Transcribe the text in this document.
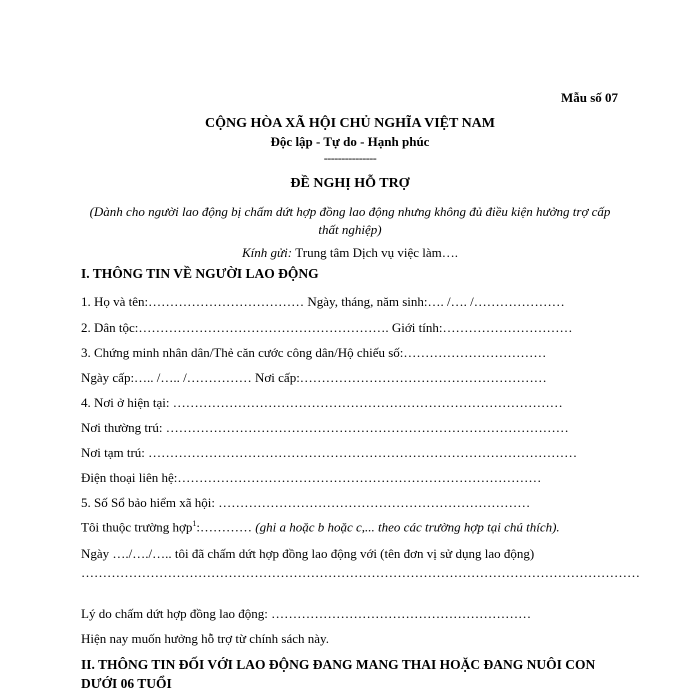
Mẫu số 07
CỘNG HÒA XÃ HỘI CHỦ NGHĨA VIỆT NAM
Độc lập - Tự do - Hạnh phúc
---------------
ĐỀ NGHỊ HỖ TRỢ
(Dành cho người lao động bị chấm dứt hợp đồng lao động nhưng không đủ điều kiện hưởng trợ cấp thất nghiệp)
Kính gửi: Trung tâm Dịch vụ việc làm….
I. THÔNG TIN VỀ NGƯỜI LAO ĐỘNG
1. Họ và tên:……………………………… Ngày, tháng, năm sinh:…. /…. /…………………
2. Dân tộc:…………………………………………………. Giới tính:…………………………
3. Chứng minh nhân dân/Thẻ căn cước công dân/Hộ chiếu số:……………………………
Ngày cấp:….. /….. /…………… Nơi cấp:…………………………………………………
4. Nơi ở hiện tại: ………………………………………………………………………………
Nơi thường trú: …………………………………………………………………………………
Nơi tạm trú: ………………………………………………………………………………………
Điện thoại liên hệ:…………………………………………………………………………
5. Số Sổ bảo hiểm xã hội: ………………………………………………………………
Tôi thuộc trường hợp$^1$:………… (ghi a hoặc b hoặc c,... theo các trường hợp tại chú thích).
Ngày …./…./….. tôi đã chấm dứt hợp đồng lao động với (tên đơn vị sử dụng lao động) …………………………………………………………………………………………………………………
Lý do chấm dứt hợp đồng lao động: ……………………………………………………
Hiện nay muốn hưởng hỗ trợ từ chính sách này.
II. THÔNG TIN ĐỐI VỚI LAO ĐỘNG ĐANG MANG THAI HOẶC ĐANG NUÔI CON DƯỚI 06 TUỔI
